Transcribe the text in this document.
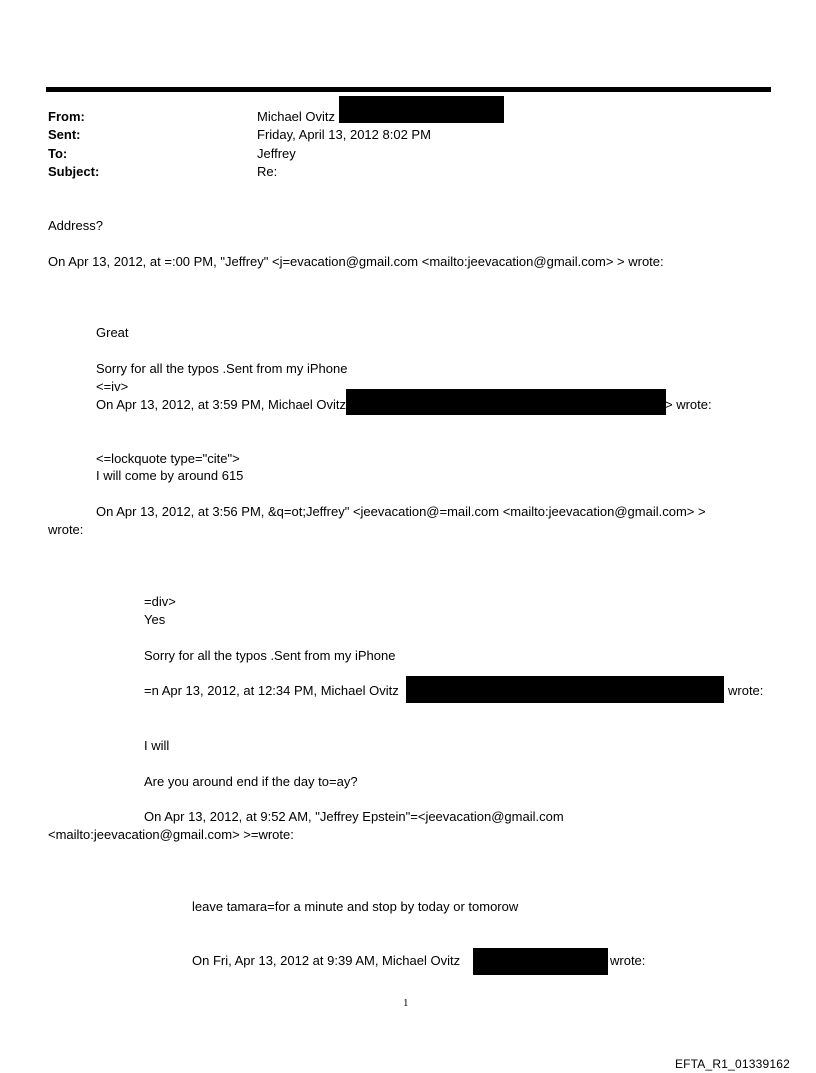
From:	Michael Ovitz
Sent:	Friday, April 13, 2012 8:02 PM
To:	Jeffrey
Subject:	Re:
Address?
On Apr 13, 2012, at =:00 PM, "Jeffrey" <j=evacation@gmail.com <mailto:jeevacation@gmail.com> > wrote:
Great
Sorry for all the typos .Sent from my iPhone
<=iv>
On Apr 13, 2012, at 3:59 PM, Michael Ovitz	> wrote:
<=lockquote type="cite">
I will come by around 615
On Apr 13, 2012, at 3:56 PM, &q=ot;Jeffrey" <jeevacation@=mail.com <mailto:jeevacation@gmail.com> >
wrote:
=div>
Yes
Sorry for all the typos .Sent from my iPhone
=n Apr 13, 2012, at 12:34 PM, Michael Ovitz	wrote:
I will
Are you around end if the day to=ay?
On Apr 13, 2012, at 9:52 AM, "Jeffrey Epstein"=<jeevacation@gmail.com
<mailto:jeevacation@gmail.com> >=wrote:
leave tamara=for a minute and stop by today or tomorow
On Fri, Apr 13, 2012 at 9:39 AM, Michael Ovitz	wrote:
1
EFTA_R1_01339162
